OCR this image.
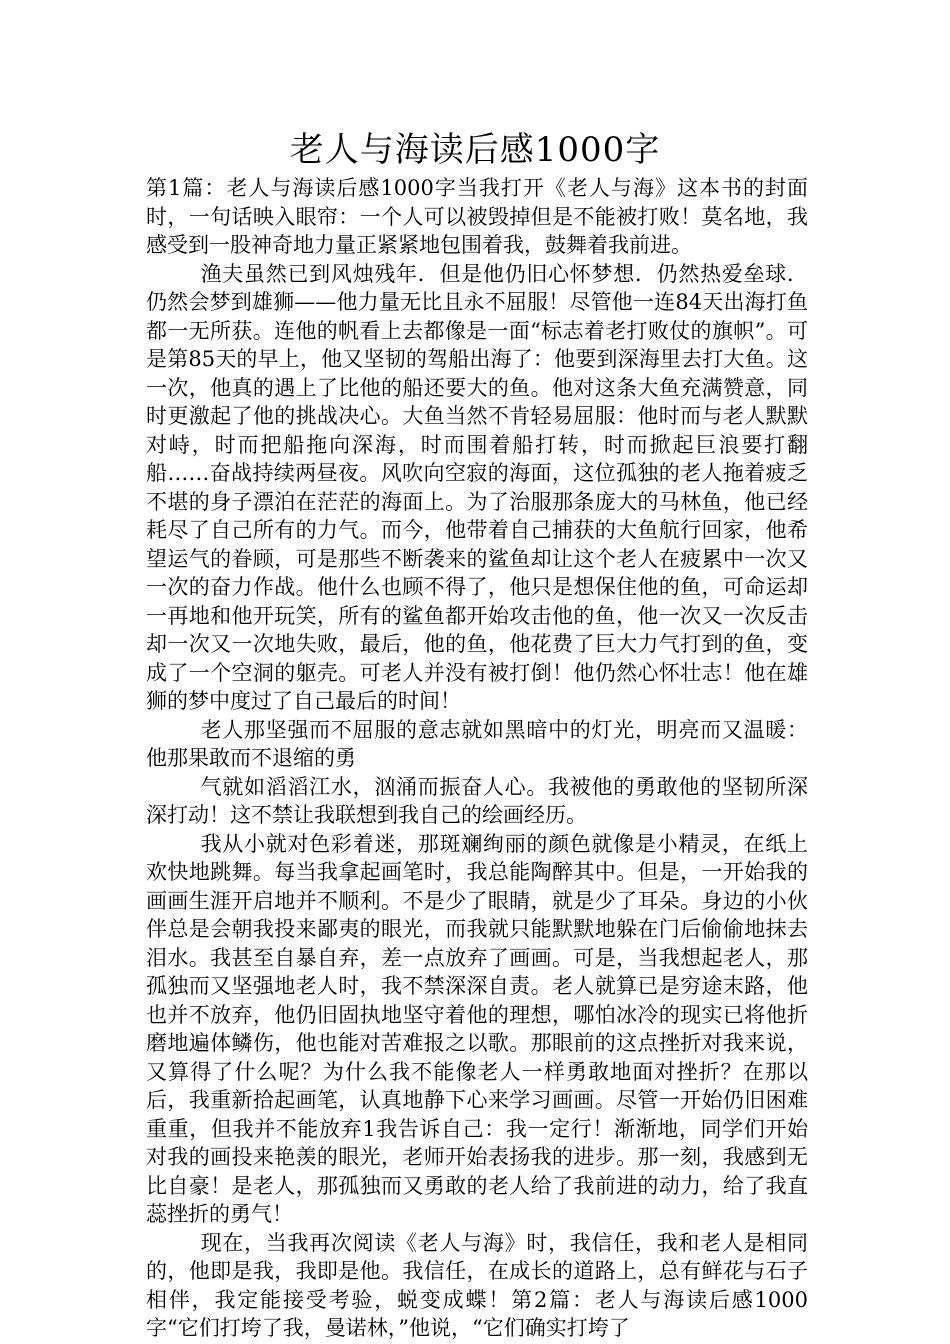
老人与海读后感1000字

第1篇：老人与海读后感1000字当我打开《老人与海》这本书的封面时，一句话映入眼帘：一个人可以被毁掉但是不能被打败！莫名地，我感受到一股神奇地力量正紧紧地包围着我，鼓舞着我前进。

渔夫虽然已到风烛残年．但是他仍旧心怀梦想．仍然热爱垒球．仍然会梦到雄狮——他力量无比且永不屈服！尽管他一连84天出海打鱼都一无所获。连他的帆看上去都像是一面“标志着老打败仗的旗帜”。可是第85天的早上，他又坚韧的驾船出海了：他要到深海里去打大鱼。这一次，他真的遇上了比他的船还要大的鱼。他对这条大鱼充满赞意，同时更激起了他的挑战决心。大鱼当然不肯轻易屈服：他时而与老人默默对峙，时而把船拖向深海，时而围着船打转，时而掀起巨浪要打翻船……奋战持续两昼夜。风吹向空寂的海面，这位孤独的老人拖着疲乏不堪的身子漂泊在茫茫的海面上。为了治服那条庞大的马林鱼，他已经耗尽了自己所有的力气。而今，他带着自己捕获的大鱼航行回家，他希望运气的眷顾，可是那些不断袭来的鲨鱼却让这个老人在疲累中一次又一次的奋力作战。他什么也顾不得了，他只是想保住他的鱼，可命运却一再地和他开玩笑，所有的鲨鱼都开始攻击他的鱼，他一次又一次反击却一次又一次地失败，最后，他的鱼，他花费了巨大力气打到的鱼，变成了一个空洞的躯壳。可老人并没有被打倒！他仍然心怀壮志！他在雄狮的梦中度过了自己最后的时间！

老人那坚强而不屈服的意志就如黑暗中的灯光，明亮而又温暖：他那果敢而不退缩的勇

气就如滔滔江水，汹涌而振奋人心。我被他的勇敢他的坚韧所深深打动！这不禁让我联想到我自己的绘画经历。

我从小就对色彩着迷，那斑斓绚丽的颜色就像是小精灵，在纸上欢快地跳舞。每当我拿起画笔时，我总能陶醉其中。但是，一开始我的画画生涯开启地并不顺利。不是少了眼睛，就是少了耳朵。身边的小伙伴总是会朝我投来鄙夷的眼光，而我就只能默默地躲在门后偷偷地抹去泪水。我甚至自暴自弃，差一点放弃了画画。可是，当我想起老人，那孤独而又坚强地老人时，我不禁深深自责。老人就算已是穷途末路，他也并不放弃，他仍旧固执地坚守着他的理想，哪怕冰冷的现实已将他折磨地遍体鳞伤，他也能对苦难报之以歌。那眼前的这点挫折对我来说，又算得了什么呢？为什么我不能像老人一样勇敢地面对挫折？在那以后，我重新拾起画笔，认真地静下心来学习画画。尽管一开始仍旧困难重重，但我并不能放弃1我告诉自己：我一定行！渐渐地，同学们开始对我的画投来艳羡的眼光，老师开始表扬我的进步。那一刻，我感到无比自豪！是老人，那孤独而又勇敢的老人给了我前进的动力，给了我直蕊挫折的勇气！

现在，当我再次阅读《老人与海》时，我信任，我和老人是相同的，他即是我，我即是他。我信任，在成长的道路上，总有鲜花与石子相伴，我定能接受考验，蜕变成蝶！第2篇：老人与海读后感1000字“它们打垮了我，曼诺林，”他说，“它们确实打垮了
